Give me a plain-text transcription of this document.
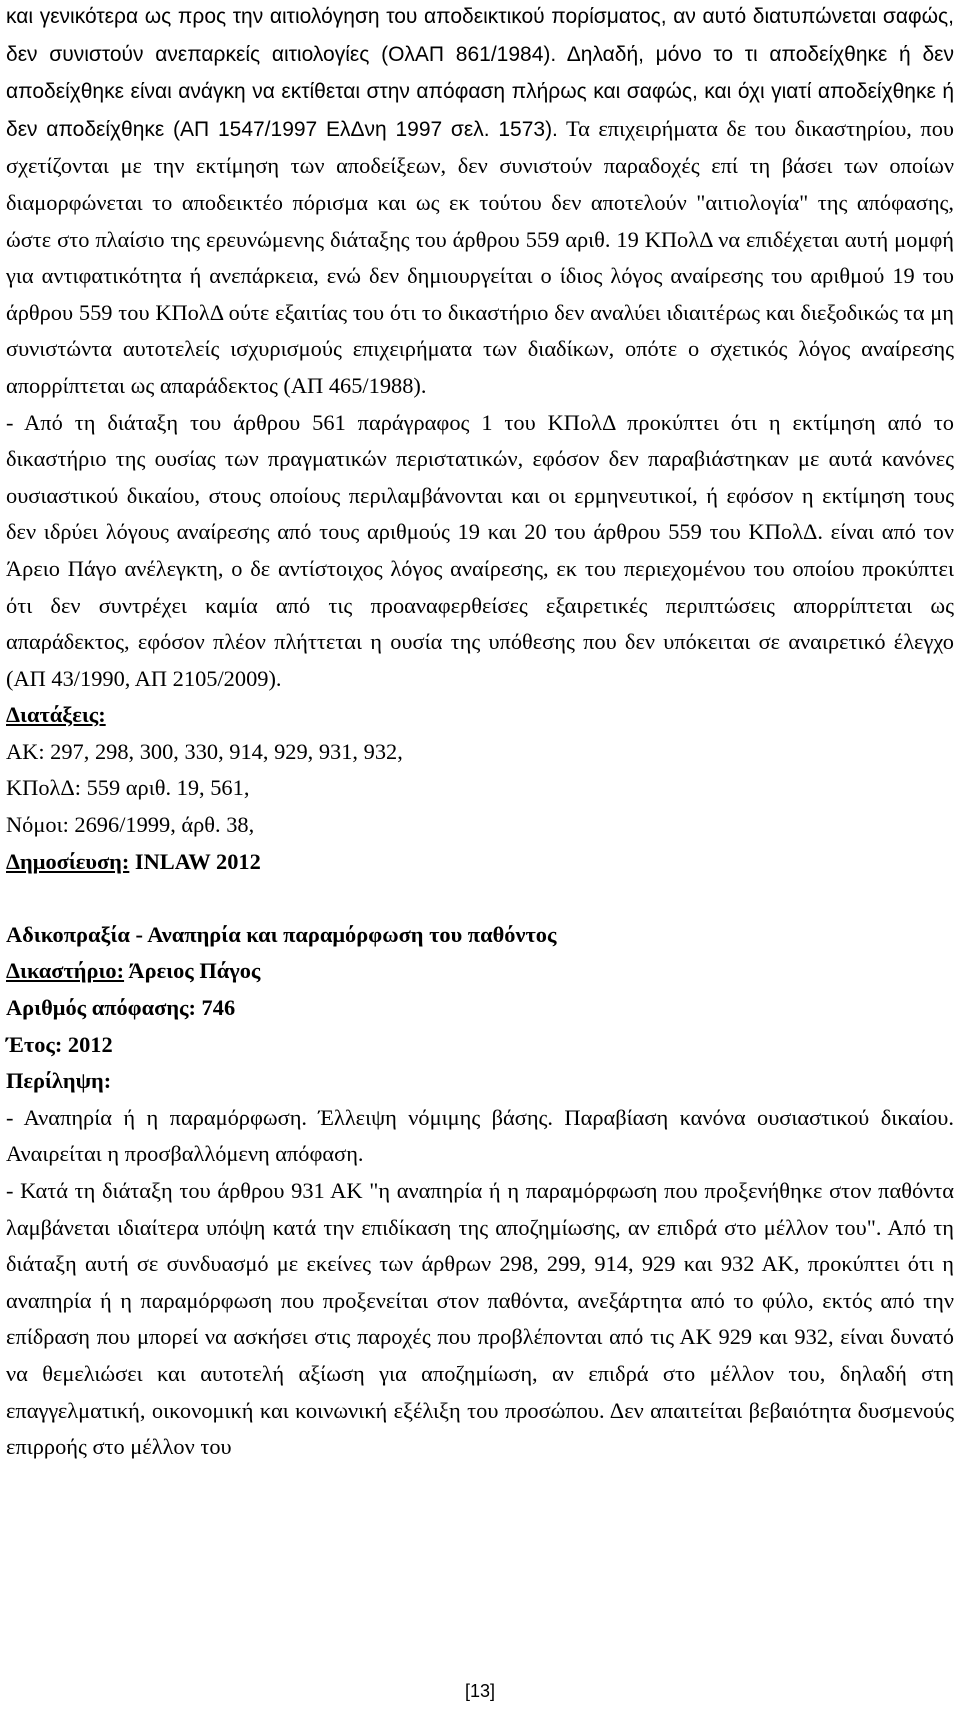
και γενικότερα ως προς την αιτιολόγηση του αποδεικτικού πορίσματος, αν αυτό διατυπώνεται σαφώς, δεν συνιστούν ανεπαρκείς αιτιολογίες (ΟλΑΠ 861/1984). Δηλαδή, μόνο το τι αποδείχθηκε ή δεν αποδείχθηκε είναι ανάγκη να εκτίθεται στην απόφαση πλήρως και σαφώς, και όχι γιατί αποδείχθηκε ή δεν αποδείχθηκε (ΑΠ 1547/1997 ΕλΔνη 1997 σελ. 1573). Τα επιχειρήματα δε του δικαστηρίου, που σχετίζονται με την εκτίμηση των αποδείξεων, δεν συνιστούν παραδοχές επί τη βάσει των οποίων διαμορφώνεται το αποδεικτέο πόρισμα και ως εκ τούτου δεν αποτελούν "αιτιολογία" της απόφασης, ώστε στο πλαίσιο της ερευνώμενης διάταξης του άρθρου 559 αριθ. 19 ΚΠολΔ να επιδέχεται αυτή μομφή για αντιφατικότητα ή ανεπάρκεια, ενώ δεν δημιουργείται ο ίδιος λόγος αναίρεσης του αριθμού 19 του άρθρου 559 του ΚΠολΔ ούτε εξαιτίας του ότι το δικαστήριο δεν αναλύει ιδιαιτέρως και διεξοδικώς τα μη συνιστώντα αυτοτελείς ισχυρισμούς επιχειρήματα των διαδίκων, οπότε ο σχετικός λόγος αναίρεσης απορρίπτεται ως απαράδεκτος (ΑΠ 465/1988).

- Από τη διάταξη του άρθρου 561 παράγραφος 1 του ΚΠολΔ προκύπτει ότι η εκτίμηση από το δικαστήριο της ουσίας των πραγματικών περιστατικών, εφόσον δεν παραβιάστηκαν με αυτά κανόνες ουσιαστικού δικαίου, στους οποίους περιλαμβάνονται και οι ερμηνευτικοί, ή εφόσον η εκτίμηση τους δεν ιδρύει λόγους αναίρεσης από τους αριθμούς 19 και 20 του άρθρου 559 του ΚΠολΔ. είναι από τον Άρειο Πάγο ανέλεγκτη, ο δε αντίστοιχος λόγος αναίρεσης, εκ του περιεχομένου του οποίου προκύπτει ότι δεν συντρέχει καμία από τις προαναφερθείσες εξαιρετικές περιπτώσεις απορρίπτεται ως απαράδεκτος, εφόσον πλέον πλήττεται η ουσία της υπόθεσης που δεν υπόκειται σε αναιρετικό έλεγχο (ΑΠ 43/1990, ΑΠ 2105/2009).

Διατάξεις:

ΑΚ: 297, 298, 300, 330, 914, 929, 931, 932,

ΚΠολΔ: 559 αριθ. 19, 561,

Νόμοι: 2696/1999, άρθ. 38,

Δημοσίευση: INLAW 2012

Αδικοπραξία - Αναπηρία και παραμόρφωση του παθόντος

Δικαστήριο: Άρειος Πάγος

Αριθμός απόφασης: 746

Έτος: 2012

Περίληψη:

- Αναπηρία ή η παραμόρφωση. Έλλειψη νόμιμης βάσης. Παραβίαση κανόνα ουσιαστικού δικαίου. Αναιρείται η προσβαλλόμενη απόφαση.

- Κατά τη διάταξη του άρθρου 931 ΑΚ "η αναπηρία ή η παραμόρφωση που προξενήθηκε στον παθόντα λαμβάνεται ιδιαίτερα υπόψη κατά την επιδίκαση της αποζημίωσης, αν επιδρά στο μέλλον του". Από τη διάταξη αυτή σε συνδυασμό με εκείνες των άρθρων 298, 299, 914, 929 και 932 ΑΚ, προκύπτει ότι η αναπηρία ή η παραμόρφωση που προξενείται στον παθόντα, ανεξάρτητα από το φύλο, εκτός από την επίδραση που μπορεί να ασκήσει στις παροχές που προβλέπονται από τις ΑΚ 929 και 932, είναι δυνατό να θεμελιώσει και αυτοτελή αξίωση για αποζημίωση, αν επιδρά στο μέλλον του, δηλαδή στη επαγγελματική, οικονομική και κοινωνική εξέλιξη του προσώπου. Δεν απαιτείται βεβαιότητα δυσμενούς επιρροής στο μέλλον του

[13]
